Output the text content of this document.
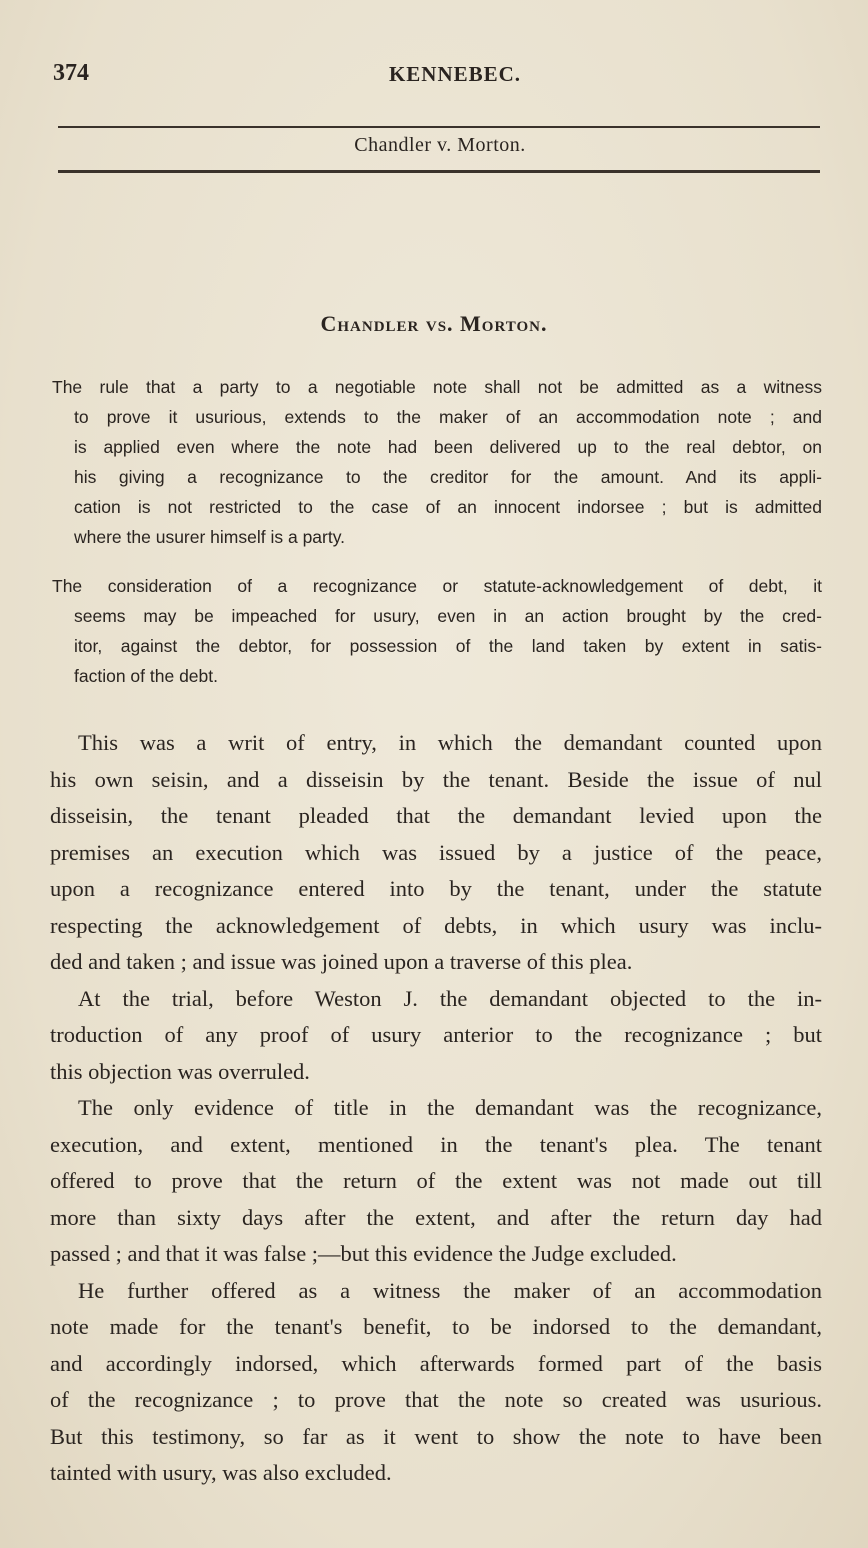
374	KENNEBEC.
Chandler v. Morton.
Chandler vs. Morton.
The rule that a party to a negotiable note shall not be admitted as a witness
to prove it usurious, extends to the maker of an accommodation note ; and
is applied even where the note had been delivered up to the real debtor, on
his giving a recognizance to the creditor for the amount. And its appli-
cation is not restricted to the case of an innocent indorsee ; but is admitted
where the usurer himself is a party.
The consideration of a recognizance or statute-acknowledgement of debt, it
seems may be impeached for usury, even in an action brought by the cred-
itor, against the debtor, for possession of the land taken by extent in satis-
faction of the debt.
This was a writ of entry, in which the demandant counted upon
his own seisin, and a disseisin by the tenant. Beside the issue of nul
disseisin, the tenant pleaded that the demandant levied upon the
premises an execution which was issued by a justice of the peace,
upon a recognizance entered into by the tenant, under the statute
respecting the acknowledgement of debts, in which usury was inclu-
ded and taken ; and issue was joined upon a traverse of this plea.
At the trial, before Weston J. the demandant objected to the in-
troduction of any proof of usury anterior to the recognizance ; but
this objection was overruled.
The only evidence of title in the demandant was the recognizance,
execution, and extent, mentioned in the tenant's plea. The tenant
offered to prove that the return of the extent was not made out till
more than sixty days after the extent, and after the return day had
passed ; and that it was false ;—but this evidence the Judge excluded.
He further offered as a witness the maker of an accommodation
note made for the tenant's benefit, to be indorsed to the demandant,
and accordingly indorsed, which afterwards formed part of the basis
of the recognizance ; to prove that the note so created was usurious.
But this testimony, so far as it went to show the note to have been
tainted with usury, was also excluded.
